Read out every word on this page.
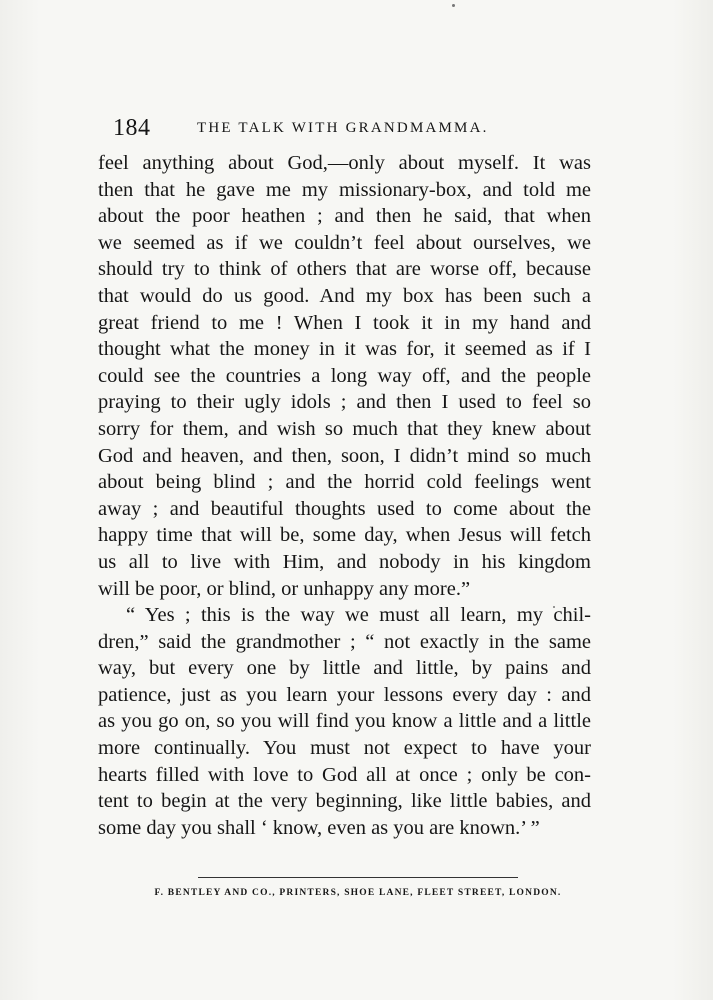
184	THE TALK WITH GRANDMAMMA.

feel anything about God,—only about myself. It was
then that he gave me my missionary-box, and told me
about the poor heathen ; and then he said, that when
we seemed as if we couldn’t feel about ourselves, we
should try to think of others that are worse off, because
that would do us good. And my box has been such a
great friend to me ! When I took it in my hand and
thought what the money in it was for, it seemed as if I
could see the countries a long way off, and the people
praying to their ugly idols ; and then I used to feel so
sorry for them, and wish so much that they knew about
God and heaven, and then, soon, I didn’t mind so much
about being blind ; and the horrid cold feelings went
away ; and beautiful thoughts used to come about the
happy time that will be, some day, when Jesus will fetch
us all to live with Him, and nobody in his kingdom
will be poor, or blind, or unhappy any more.”

“ Yes ; this is the way we must all learn, my chil-
dren,” said the grandmother ; “ not exactly in the same
way, but every one by little and little, by pains and
patience, just as you learn your lessons every day : and
as you go on, so you will find you know a little and a little
more continually. You must not expect to have your
hearts filled with love to God all at once ; only be con-
tent to begin at the very beginning, like little babies, and
some day you shall ‘ know, even as you are known.’ ”

F. BENTLEY AND CO., PRINTERS, SHOE LANE, FLEET STREET, LONDON.
